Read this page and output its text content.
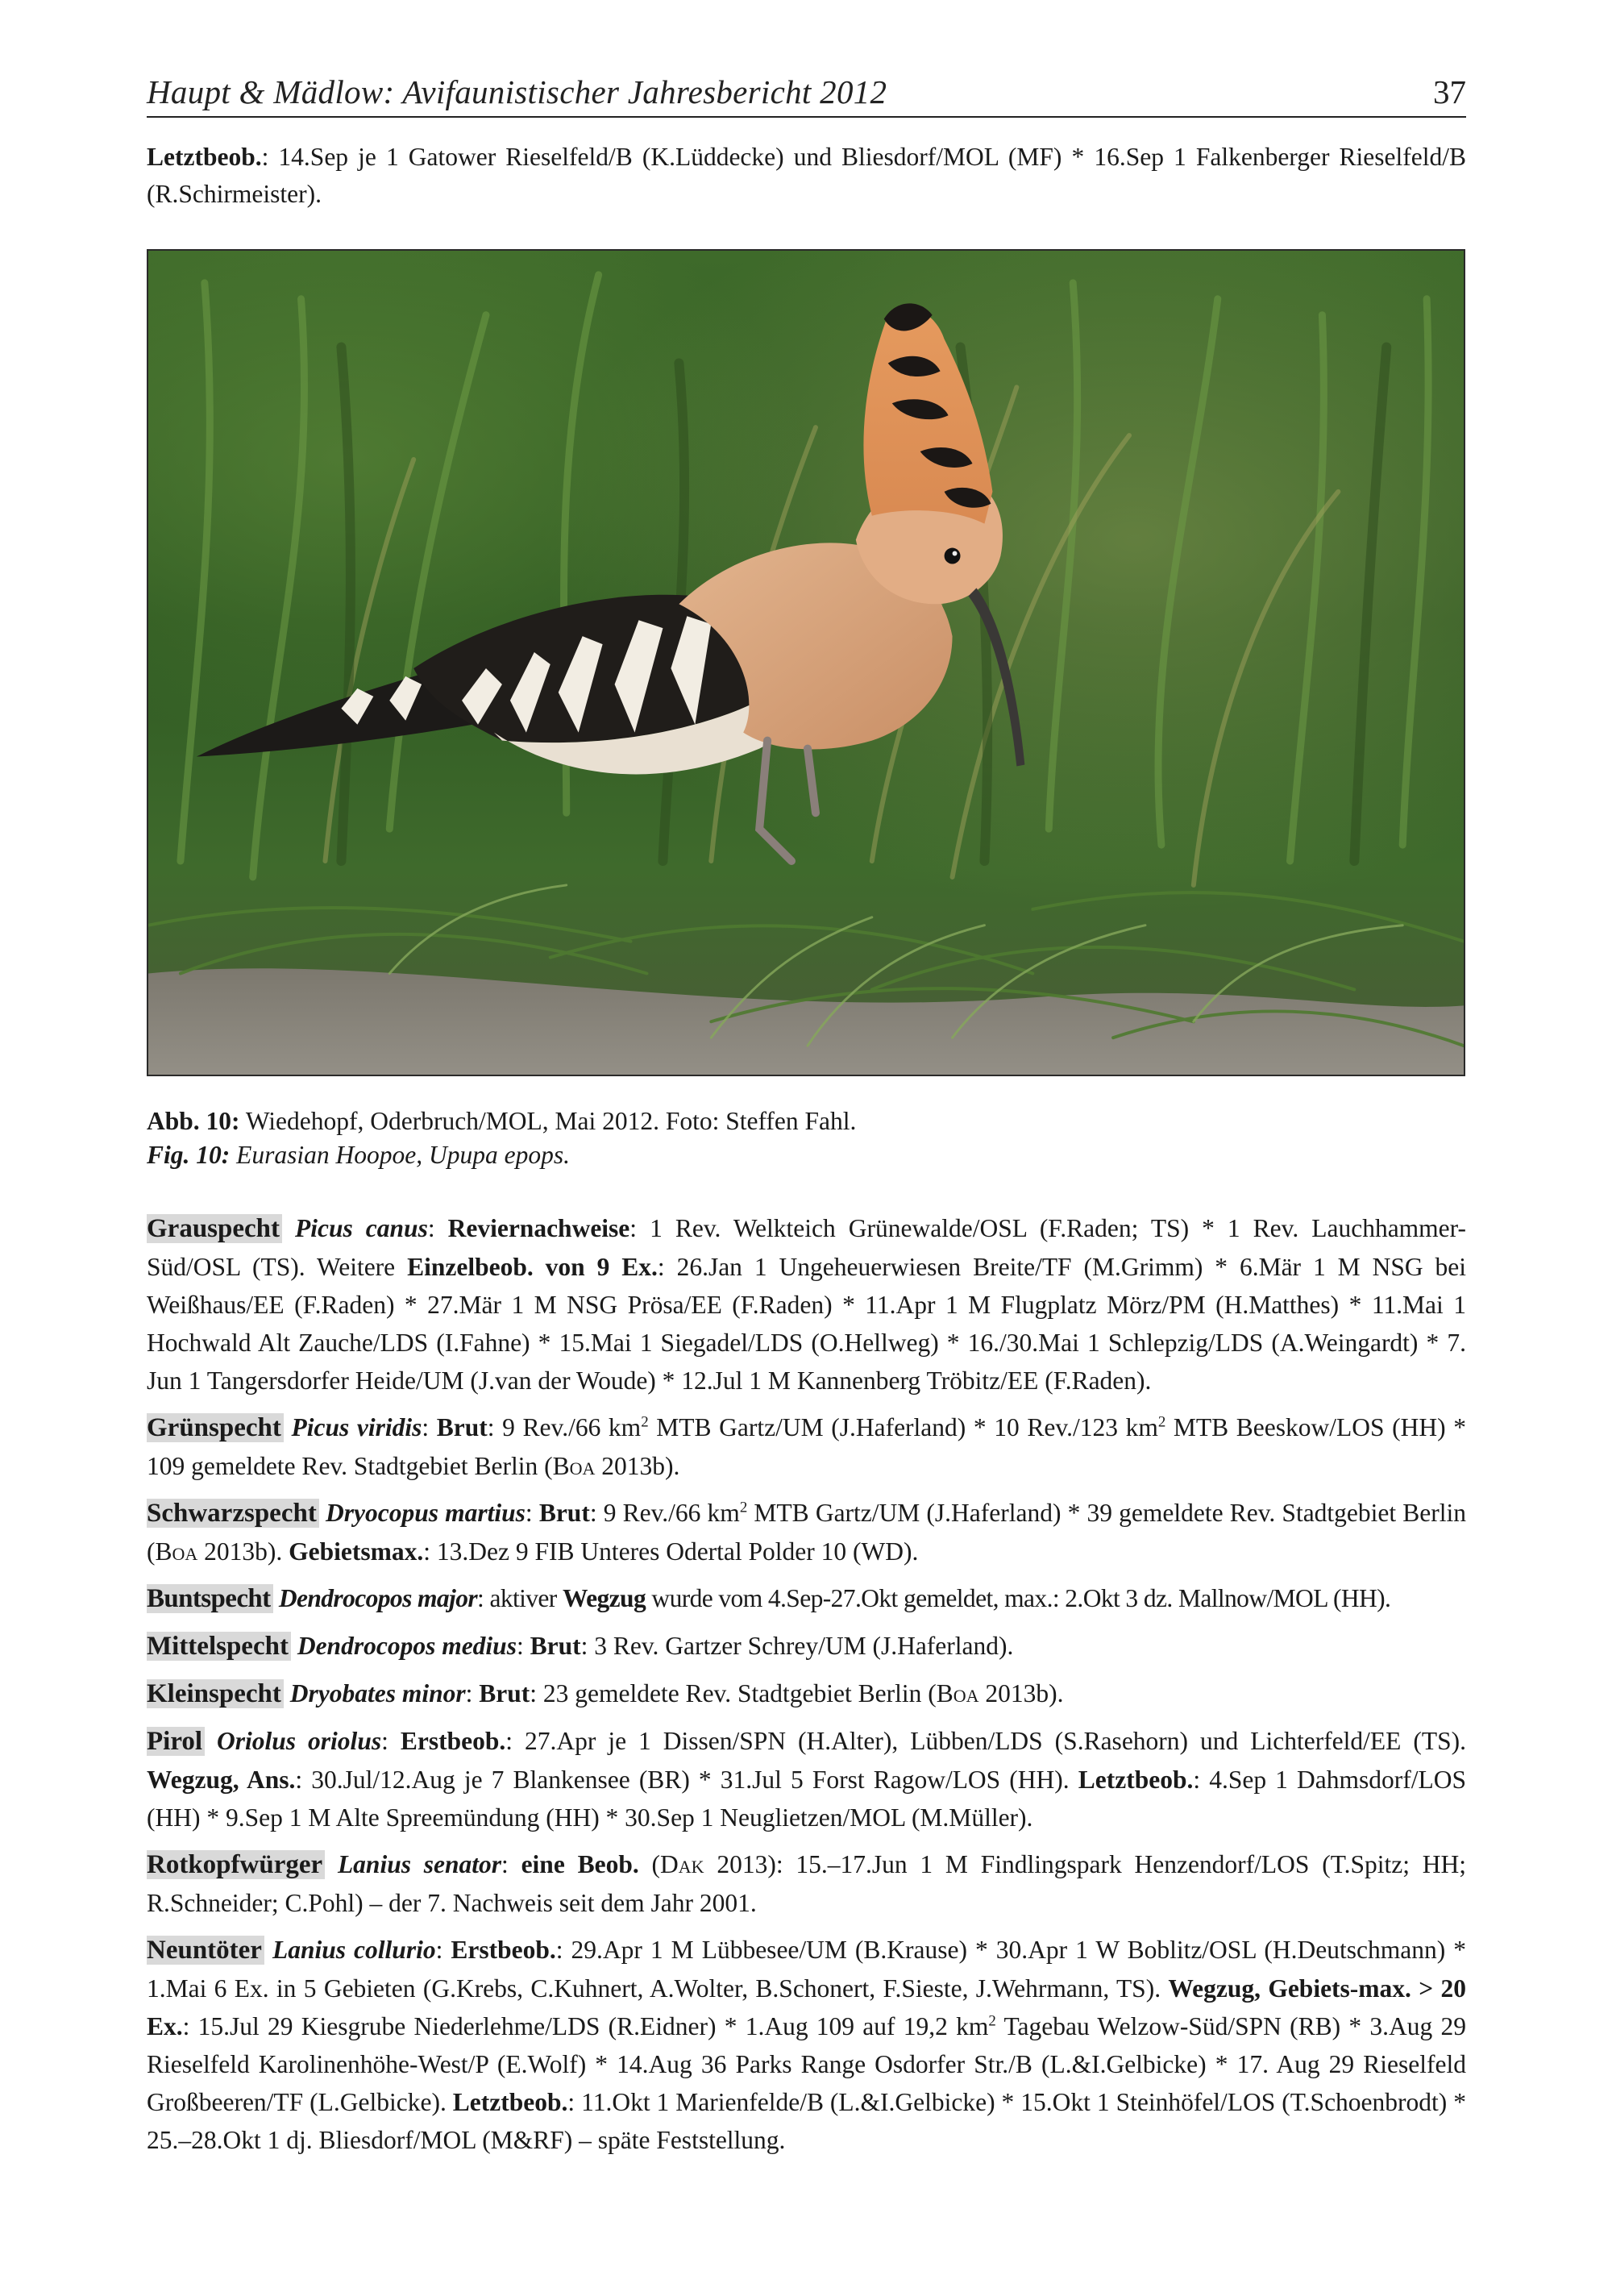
Haupt & Mädlow: Avifaunistischer Jahresbericht 2012	37

Letztbeob.: 14.Sep je 1 Gatower Rieselfeld/B (K.Lüddecke) und Bliesdorf/MOL (MF) * 16.Sep 1 Falkenberger Rieselfeld/B (R.Schirmeister).

Abb. 10: Wiedehopf, Oderbruch/MOL, Mai 2012. Foto: Steffen Fahl.
Fig. 10: Eurasian Hoopoe, Upupa epops.

Grauspecht Picus canus: Reviernachweise: 1 Rev. Welkteich Grünewalde/OSL (F.Raden; TS) * 1 Rev. Lauchhammer-Süd/OSL (TS). Weitere Einzelbeob. von 9 Ex.: 26.Jan 1 Ungeheuerwiesen Breite/TF (M.Grimm) * 6.Mär 1 M NSG bei Weißhaus/EE (F.Raden) * 27.Mär 1 M NSG Prösa/EE (F.Raden) * 11.Apr 1 M Flugplatz Mörz/PM (H.Matthes) * 11.Mai 1 Hochwald Alt Zauche/LDS (I.Fahne) * 15.Mai 1 Siegadel/LDS (O.Hellweg) * 16./30.Mai 1 Schlepzig/LDS (A.Weingardt) * 7. Jun 1 Tangersdorfer Heide/UM (J.van der Woude) * 12.Jul 1 M Kannenberg Tröbitz/EE (F.Raden).

Grünspecht Picus viridis: Brut: 9 Rev./66 $km^2$ MTB Gartz/UM (J.Haferland) * 10 Rev./123 $km^2$ MTB Beeskow/LOS (HH) * 109 gemeldete Rev. Stadtgebiet Berlin (Boa 2013b).

Schwarzspecht Dryocopus martius: Brut: 9 Rev./66 $km^2$ MTB Gartz/UM (J.Haferland) * 39 gemeldete Rev. Stadtgebiet Berlin (Boa 2013b). Gebietsmax.: 13.Dez 9 FIB Unteres Odertal Polder 10 (WD).

Buntspecht Dendrocopos major: aktiver Wegzug wurde vom 4.Sep-27.Okt gemeldet, max.: 2.Okt 3 dz. Mallnow/MOL (HH).

Mittelspecht Dendrocopos medius: Brut: 3 Rev. Gartzer Schrey/UM (J.Haferland).

Kleinspecht Dryobates minor: Brut: 23 gemeldete Rev. Stadtgebiet Berlin (Boa 2013b).

Pirol Oriolus oriolus: Erstbeob.: 27.Apr je 1 Dissen/SPN (H.Alter), Lübben/LDS (S.Rasehorn) und Lichterfeld/EE (TS). Wegzug, Ans.: 30.Jul/12.Aug je 7 Blankensee (BR) * 31.Jul 5 Forst Ragow/LOS (HH). Letztbeob.: 4.Sep 1 Dahmsdorf/LOS (HH) * 9.Sep 1 M Alte Spreemündung (HH) * 30.Sep 1 Neuglietzen/MOL (M.Müller).

Rotkopfwürger Lanius senator: eine Beob. (Dak 2013): 15.–17.Jun 1 M Findlingspark Henzendorf/LOS (T.Spitz; HH; R.Schneider; C.Pohl) – der 7. Nachweis seit dem Jahr 2001.

Neuntöter Lanius collurio: Erstbeob.: 29.Apr 1 M Lübbesee/UM (B.Krause) * 30.Apr 1 W Boblitz/OSL (H.Deutschmann) * 1.Mai 6 Ex. in 5 Gebieten (G.Krebs, C.Kuhnert, A.Wolter, B.Schonert, F.Sieste, J.Wehrmann, TS). Wegzug, Gebiets-max. > 20 Ex.: 15.Jul 29 Kiesgrube Niederlehme/LDS (R.Eidner) * 1.Aug 109 auf 19,2 $km^2$ Tagebau Welzow-Süd/SPN (RB) * 3.Aug 29 Rieselfeld Karolinenhöhe-West/P (E.Wolf) * 14.Aug 36 Parks Range Osdorfer Str./B (L.&I.Gelbicke) * 17. Aug 29 Rieselfeld Großbeeren/TF (L.Gelbicke). Letztbeob.: 11.Okt 1 Marienfelde/B (L.&I.Gelbicke) * 15.Okt 1 Steinhöfel/LOS (T.Schoenbrodt) * 25.–28.Okt 1 dj. Bliesdorf/MOL (M&RF) – späte Feststellung.
